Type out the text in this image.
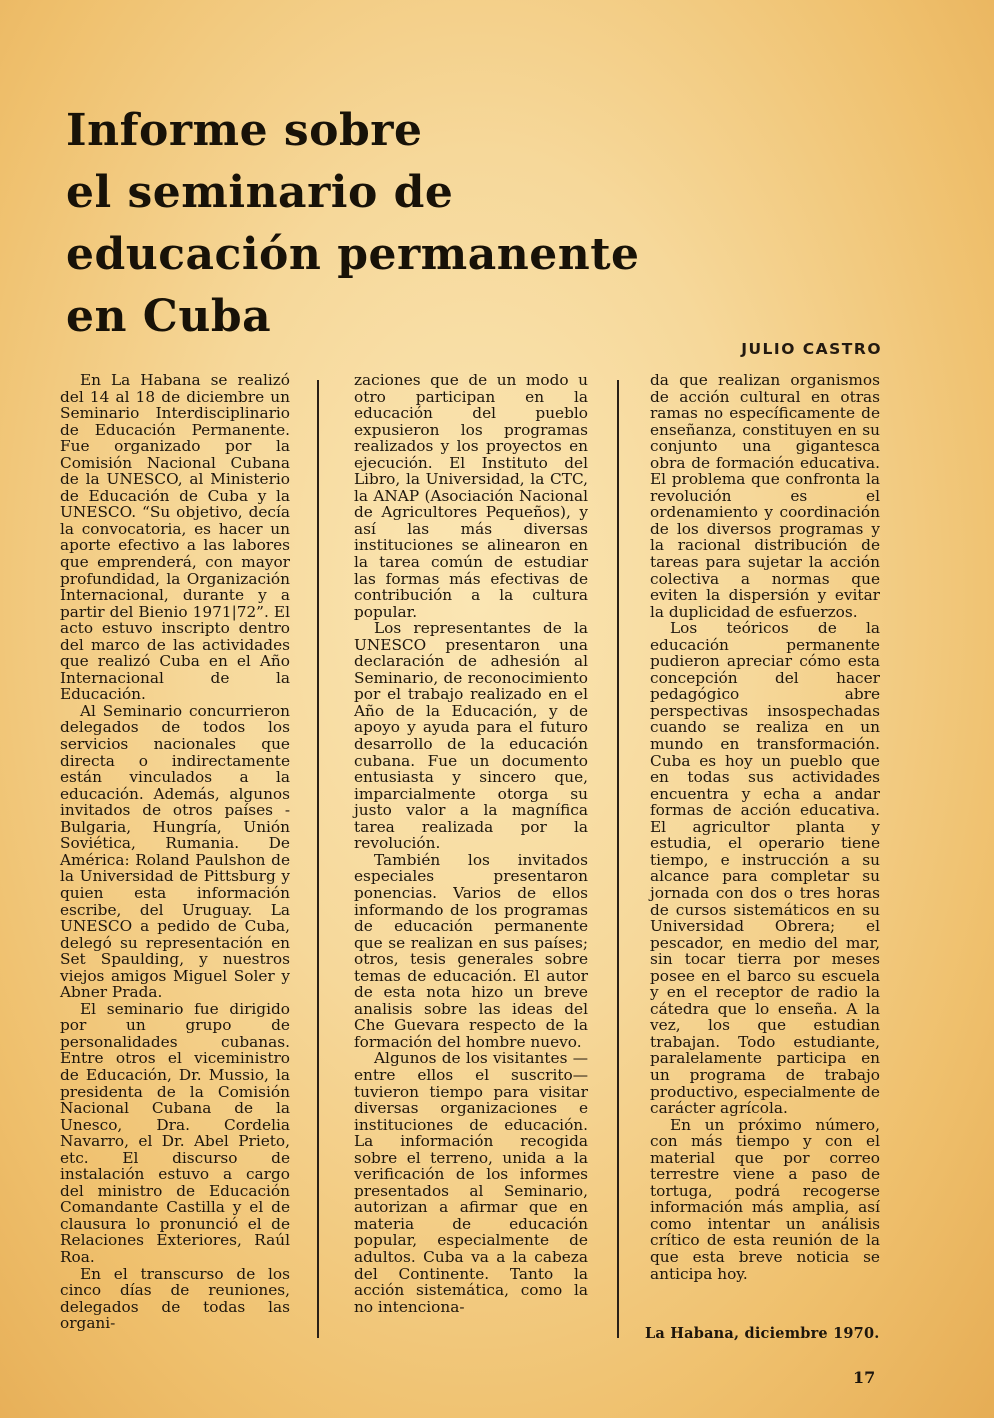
Informe sobre
el seminario de
educación permanente
en Cuba
JULIO CASTRO

En La Habana se realizó del 14 al 18 de diciembre un Seminario Interdisciplinario de Educación Permanente. Fue organizado por la Comisión Nacional Cubana de la UNESCO, al Ministerio de Educación de Cuba y la UNESCO. “Su objetivo, decía la convocatoria, es hacer un aporte efectivo a las labores que emprenderá, con mayor profundidad, la Organización Internacional, durante y a partir del Bienio 1971|72”. El acto estuvo inscripto dentro del marco de las actividades que realizó Cuba en el Año Internacional de la Educación.

Al Seminario concurrieron delegados de todos los servicios nacionales que directa o indirectamente están vinculados a la educación. Además, algunos invitados de otros países - Bulgaria, Hungría, Unión Soviética, Rumania. De América: Roland Paulshon de la Universidad de Pittsburg y quien esta información escribe, del Uruguay. La UNESCO a pedido de Cuba, delegó su representación en Set Spaulding, y nuestros viejos amigos Miguel Soler y Abner Prada.

El seminario fue dirigido por un grupo de personalidades cubanas. Entre otros el viceministro de Educación, Dr. Mussio, la presidenta de la Comisión Nacional Cubana de la Unesco, Dra. Cordelia Navarro, el Dr. Abel Prieto, etc. El discurso de instalación estuvo a cargo del ministro de Educación Comandante Castilla y el de clausura lo pronunció el de Relaciones Exteriores, Raúl Roa.

En el transcurso de los cinco días de reuniones, delegados de todas las organi-

zaciones que de un modo u otro participan en la educación del pueblo expusieron los programas realizados y los proyectos en ejecución. El Instituto del Libro, la Universidad, la CTC, la ANAP (Asociación Nacional de Agricultores Pequeños), y así las más diversas instituciones se alinearon en la tarea común de estudiar las formas más efectivas de contribución a la cultura popular.

Los representantes de la UNESCO presentaron una declaración de adhesión al Seminario, de reconocimiento por el trabajo realizado en el Año de la Educación, y de apoyo y ayuda para el futuro desarrollo de la educación cubana. Fue un documento entusiasta y sincero que, imparcialmente otorga su justo valor a la magnífica tarea realizada por la revolución.

También los invitados especiales presentaron ponencias. Varios de ellos informando de los programas de educación permanente que se realizan en sus países; otros, tesis generales sobre temas de educación. El autor de esta nota hizo un breve analisis sobre las ideas del Che Guevara respecto de la formación del hombre nuevo.

Algunos de los visitantes —entre ellos el suscrito— tuvieron tiempo para visitar diversas organizaciones e instituciones de educación. La información recogida sobre el terreno, unida a la verificación de los informes presentados al Seminario, autorizan a afirmar que en materia de educación popular, especialmente de adultos. Cuba va a la cabeza del Continente. Tanto la acción sistemática, como la no intenciona-

da que realizan organismos de acción cultural en otras ramas no específicamente de enseñanza, constituyen en su conjunto una gigantesca obra de formación educativa. El problema que confronta la revolución es el ordenamiento y coordinación de los diversos programas y la racional distribución de tareas para sujetar la acción colectiva a normas que eviten la dispersión y evitar la duplicidad de esfuerzos.

Los teóricos de la educación permanente pudieron apreciar cómo esta concepción del hacer pedagógico abre perspectivas insospechadas cuando se realiza en un mundo en transformación. Cuba es hoy un pueblo que en todas sus actividades encuentra y echa a andar formas de acción educativa. El agricultor planta y estudia, el operario tiene tiempo, e instrucción a su alcance para completar su jornada con dos o tres horas de cursos sistemáticos en su Universidad Obrera; el pescador, en medio del mar, sin tocar tierra por meses posee en el barco su escuela y en el receptor de radio la cátedra que lo enseña. A la vez, los que estudian trabajan. Todo estudiante, paralelamente participa en un programa de trabajo productivo, especialmente de carácter agrícola.

En un próximo número, con más tiempo y con el material que por correo terrestre viene a paso de tortuga, podrá recogerse información más amplia, así como intentar un análisis crítico de esta reunión de la que esta breve noticia se anticipa hoy.

La Habana, diciembre 1970.
17
